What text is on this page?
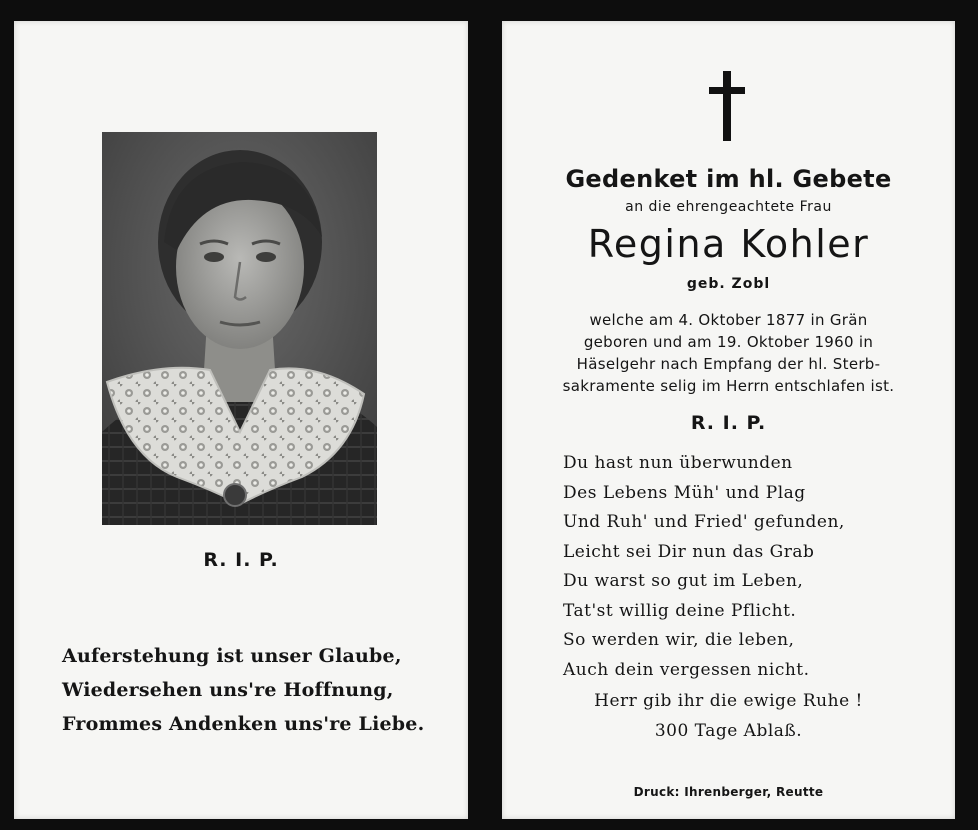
R. I. P.
Auferstehung ist unser Glaube,
Wiedersehen uns're Hoffnung,
Frommes Andenken uns're Liebe.
Gedenket im hl. Gebete
an die ehrengeachtete Frau
Regina Kohler
geb. Zobl
welche am 4. Oktober 1877 in Grän
geboren und am 19. Oktober 1960 in
Häselgehr nach Empfang der hl. Sterb-
sakramente selig im Herrn entschlafen ist.
R. I. P.
Du hast nun überwunden
Des Lebens Müh' und Plag
Und Ruh' und Fried' gefunden,
Leicht sei Dir nun das Grab
Du warst so gut im Leben,
Tat'st willig deine Pflicht.
So werden wir, die leben,
Auch dein vergessen nicht.
Herr gib ihr die ewige Ruhe !
300 Tage Ablaß.
Druck: Ihrenberger, Reutte
